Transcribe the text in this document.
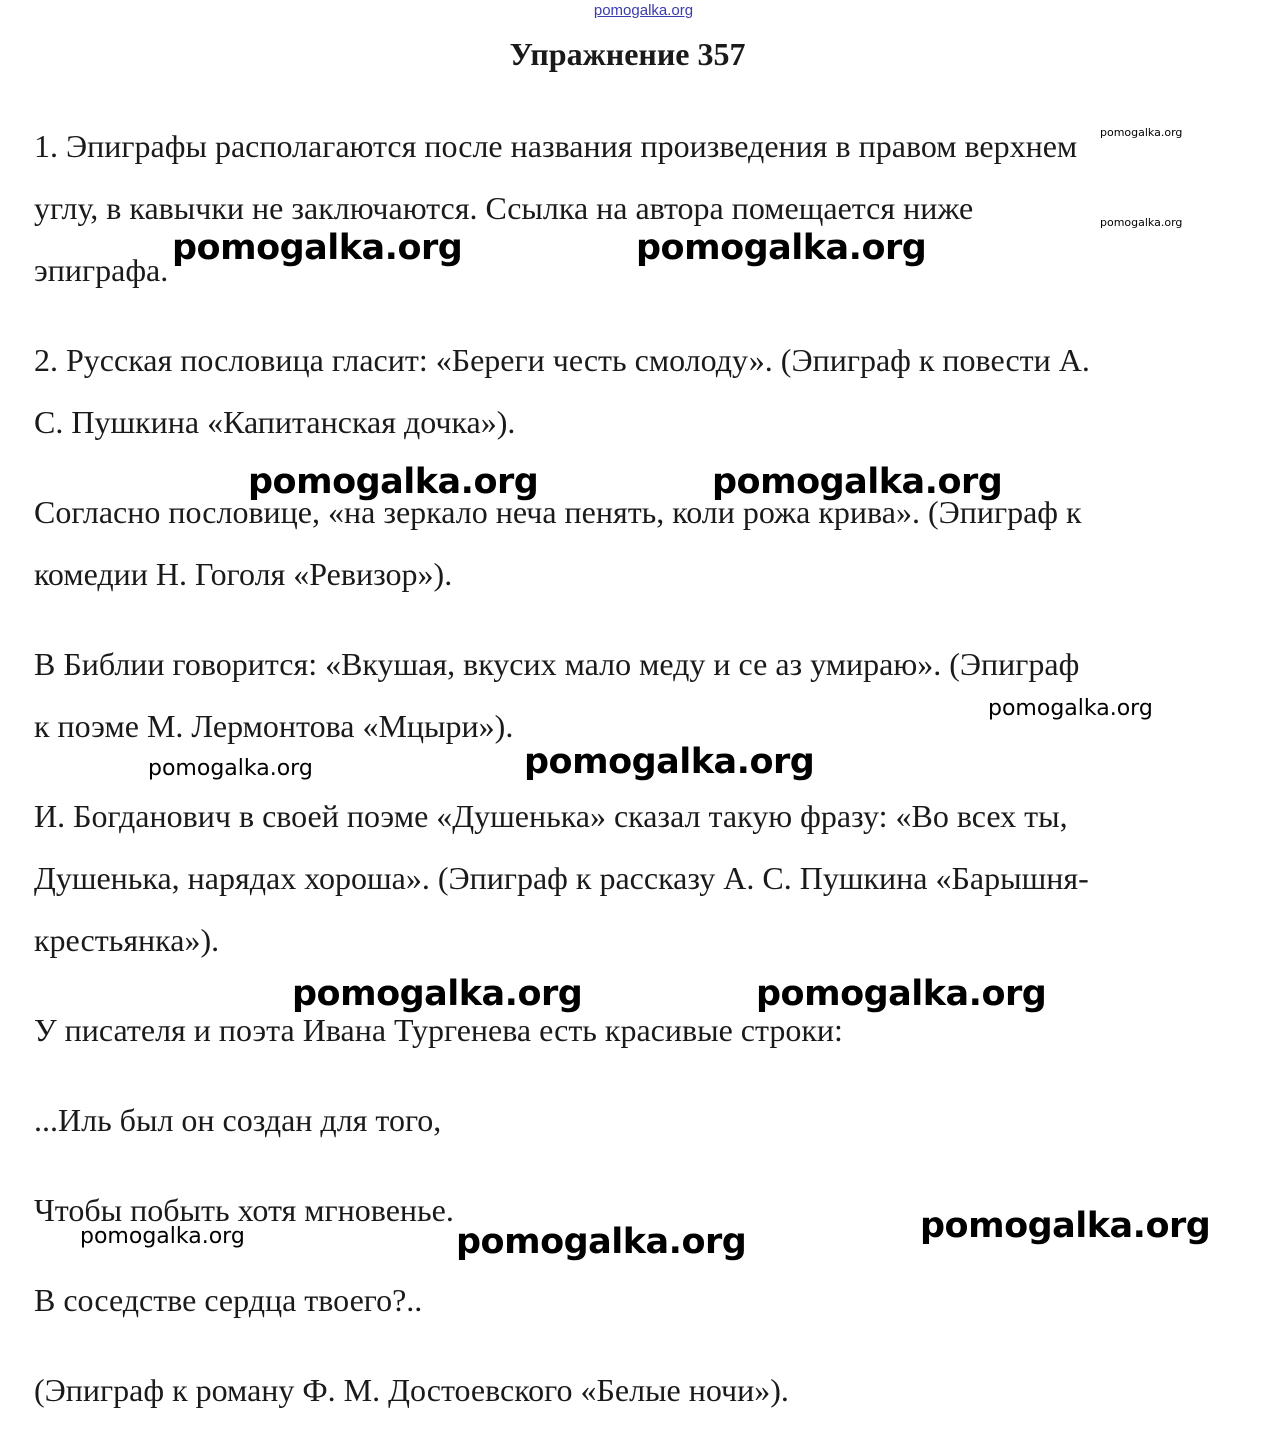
pomogalka.org
Упражнение 357
1. Эпиграфы располагаются после названия произведения в правом верхнем
углу, в кавычки не заключаются. Ссылка на автора помещается ниже
эпиграфа.
2. Русская пословица гласит: «Береги честь смолоду». (Эпиграф к повести А.
С. Пушкина «Капитанская дочка»).
Согласно пословице, «на зеркало неча пенять, коли рожа крива». (Эпиграф к
комедии Н. Гоголя «Ревизор»).
В Библии говорится: «Вкушая, вкусих мало меду и се аз умираю». (Эпиграф
к поэме М. Лермонтова «Мцыри»).
И. Богданович в своей поэме «Душенька» сказал такую фразу: «Во всех ты,
Душенька, нарядах хороша». (Эпиграф к рассказу А. С. Пушкина «Барышня-
крестьянка»).
У писателя и поэта Ивана Тургенева есть красивые строки:
...Иль был он создан для того,
Чтобы побыть хотя мгновенье.
В соседстве сердца твоего?..
(Эпиграф к роману Ф. М. Достоевского «Белые ночи»).
pomogalka.org
pomogalka.org
pomogalka.org	pomogalka.org
pomogalka.org	pomogalka.org
pomogalka.org
pomogalka.org	pomogalka.org
pomogalka.org	pomogalka.org
pomogalka.org
pomogalka.org	pomogalka.org
